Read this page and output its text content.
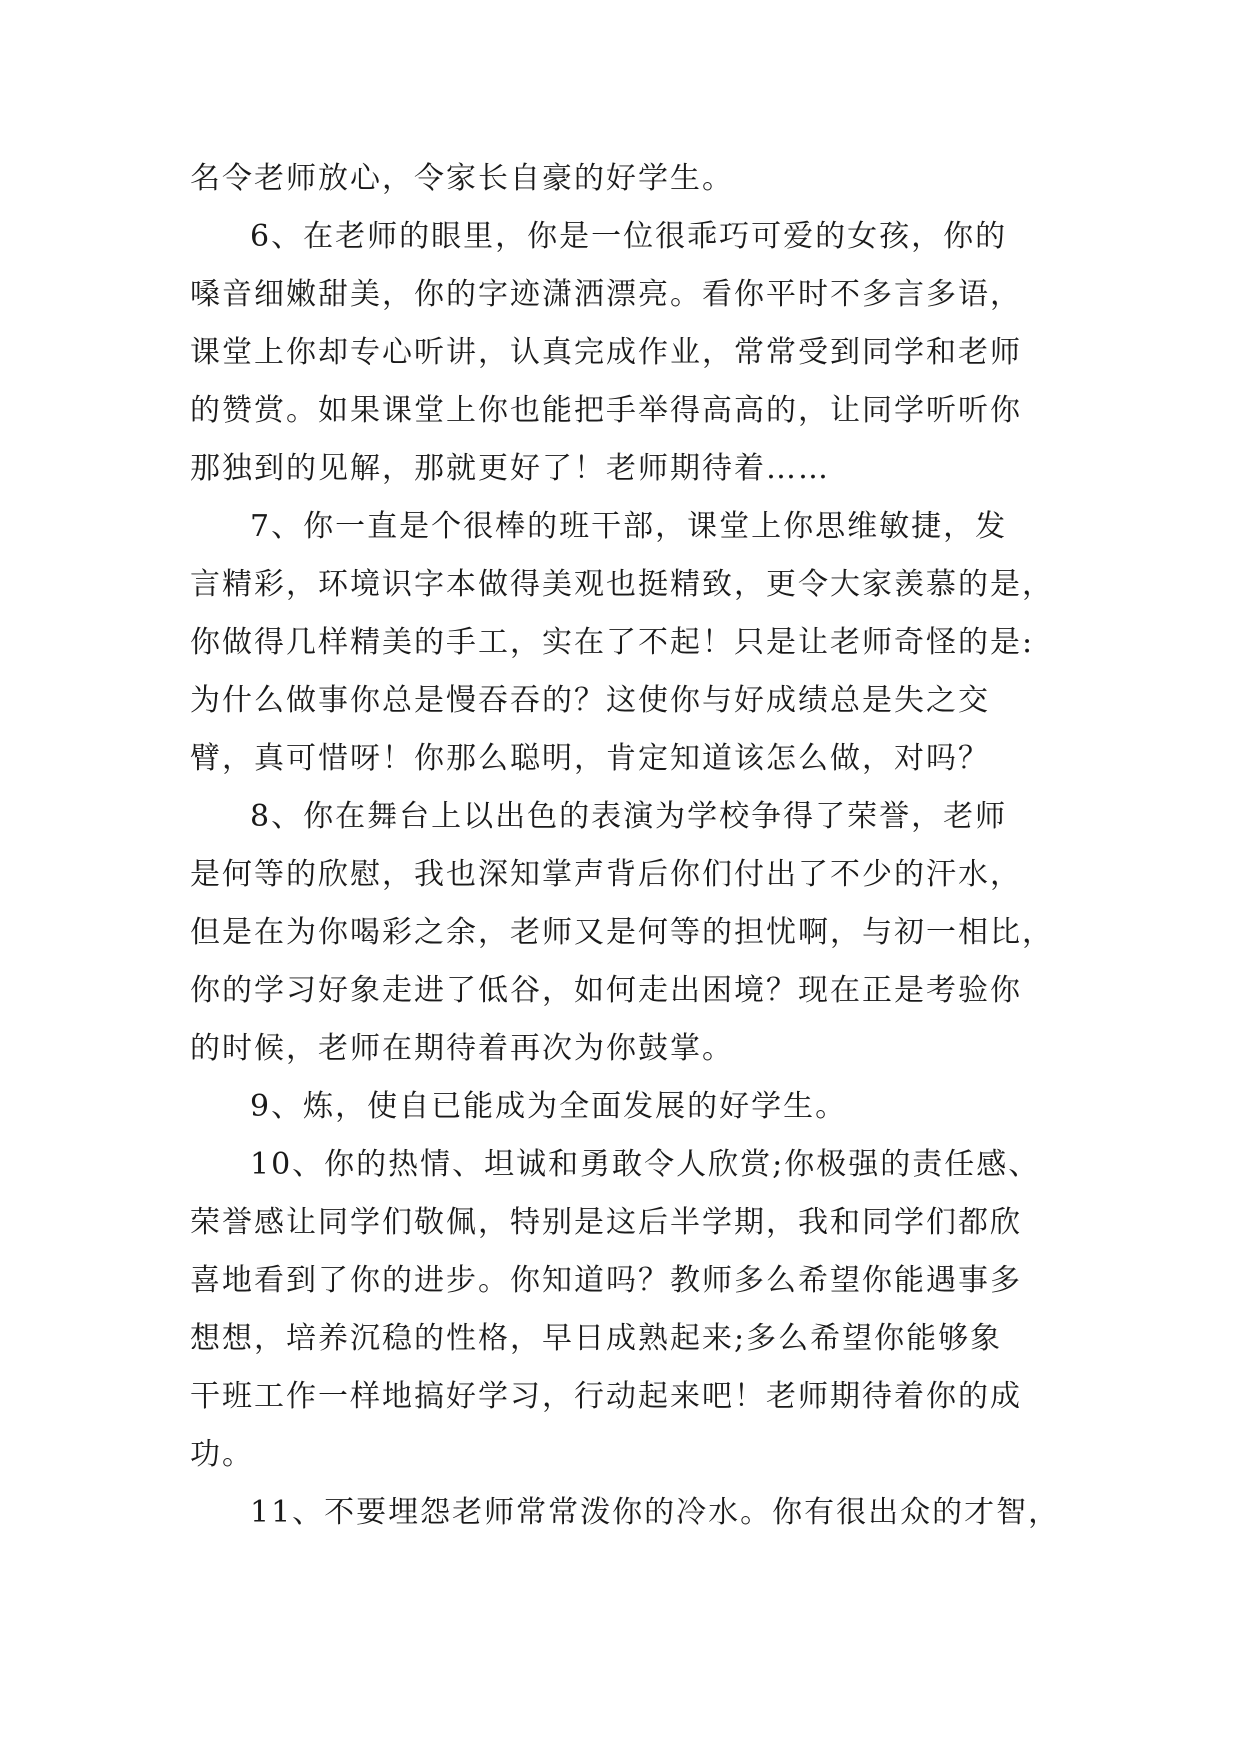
名令老师放心，令家长自豪的好学生。
6、在老师的眼里，你是一位很乖巧可爱的女孩，你的
嗓音细嫩甜美，你的字迹潇洒漂亮。看你平时不多言多语，
课堂上你却专心听讲，认真完成作业，常常受到同学和老师
的赞赏。如果课堂上你也能把手举得高高的，让同学听听你
那独到的见解，那就更好了！老师期待着……
7、你一直是个很棒的班干部，课堂上你思维敏捷，发
言精彩，环境识字本做得美观也挺精致，更令大家羡慕的是，
你做得几样精美的手工，实在了不起！只是让老师奇怪的是:
为什么做事你总是慢吞吞的？这使你与好成绩总是失之交
臂，真可惜呀！你那么聪明，肯定知道该怎么做，对吗？
8、你在舞台上以出色的表演为学校争得了荣誉，老师
是何等的欣慰，我也深知掌声背后你们付出了不少的汗水，
但是在为你喝彩之余，老师又是何等的担忧啊，与初一相比，
你的学习好象走进了低谷，如何走出困境？现在正是考验你
的时候，老师在期待着再次为你鼓掌。
9、炼，使自已能成为全面发展的好学生。
10、你的热情、坦诚和勇敢令人欣赏;你极强的责任感、
荣誉感让同学们敬佩，特别是这后半学期，我和同学们都欣
喜地看到了你的进步。你知道吗？教师多么希望你能遇事多
想想，培养沉稳的性格，早日成熟起来;多么希望你能够象
干班工作一样地搞好学习，行动起来吧！老师期待着你的成
功。
11、不要埋怨老师常常泼你的冷水。你有很出众的才智，
